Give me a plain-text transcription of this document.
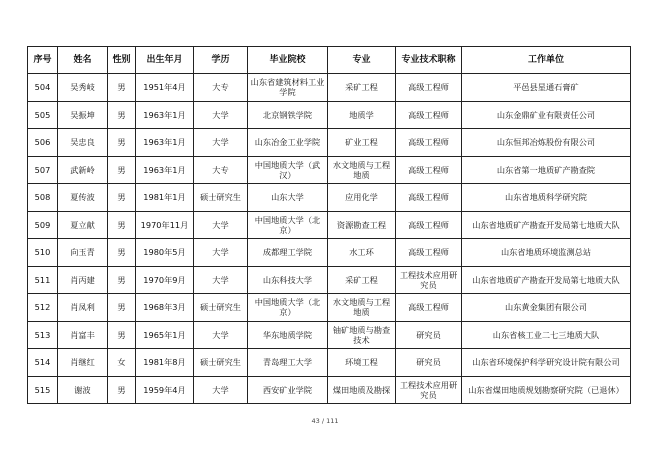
序号	姓名	性别	出生年月	学历	毕业院校	专业	专业技术职称	工作单位
504	吴秀岐	男	1951年4月	大专	山东省建筑材料工业学院	采矿工程	高级工程师	平邑县星通石膏矿
505	吴振坤	男	1963年1月	大学	北京钢铁学院	地质学	高级工程师	山东金鼎矿业有限责任公司
506	吴忠良	男	1963年1月	大学	山东冶金工业学院	矿业工程	高级工程师	山东恒邦冶炼股份有限公司
507	武新岭	男	1963年1月	大专	中国地质大学（武汉）	水文地质与工程地质	高级工程师	山东省第一地质矿产勘查院
508	夏传波	男	1981年1月	硕士研究生	山东大学	应用化学	高级工程师	山东省地质科学研究院
509	夏立献	男	1970年11月	大学	中国地质大学（北京）	资源勘查工程	高级工程师	山东省地质矿产勘查开发局第七地质大队
510	向玉青	男	1980年5月	大学	成都理工学院	水工环	高级工程师	山东省地质环境监测总站
511	肖丙建	男	1970年9月	大学	山东科技大学	采矿工程	工程技术应用研究员	山东省地质矿产勘查开发局第七地质大队
512	肖凤利	男	1968年3月	硕士研究生	中国地质大学（北京）	水文地质与工程地质	高级工程师	山东黄金集团有限公司
513	肖富丰	男	1965年1月	大学	华东地质学院	铀矿地质与勘查技术	研究员	山东省核工业二七三地质大队
514	肖继红	女	1981年8月	硕士研究生	青岛理工大学	环境工程	研究员	山东省环境保护科学研究设计院有限公司
515	谢波	男	1959年4月	大学	西安矿业学院	煤田地质及勘探	工程技术应用研究员	山东省煤田地质规划勘察研究院（已退休）
43 / 111
